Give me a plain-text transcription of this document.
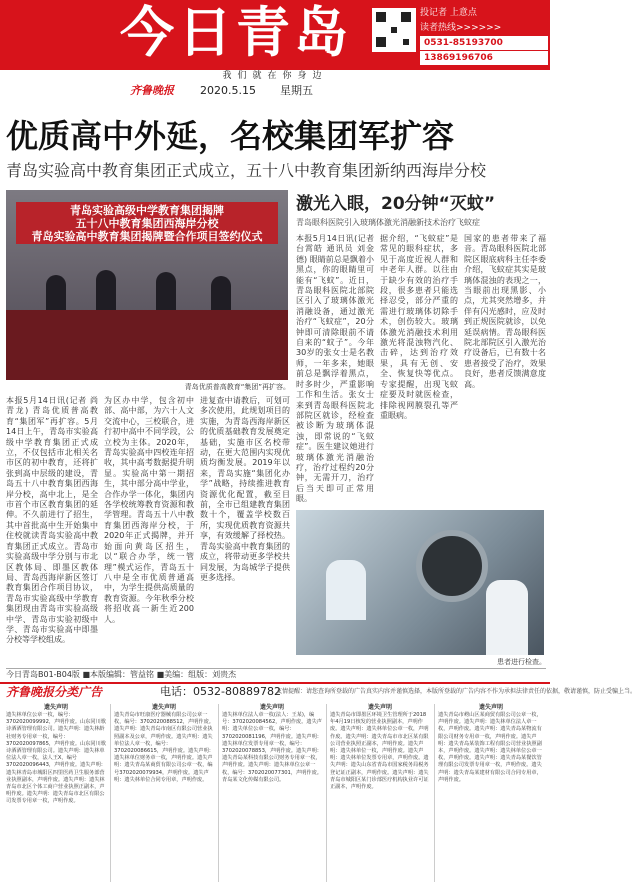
今日青岛	投记者 上意点
读者热线>>>>>>
0531-85193700
13869196706
我们就在你身边
齐鲁晚报 2020.5.15 星期五
优质高中外延，名校集团军扩容
青岛实验高中教育集团正式成立，五十八中教育集团新纳西海岸分校
青岛实验高级中学教育集团揭牌
五十八中教育集团西海岸分校
青岛实验高中教育集团揭牌暨合作项目签约仪式
青岛优质普高教育“集团”再扩容。
本报5月14日讯(记者 尚青龙) 青岛优质普高教育“集团军”再扩容。5月14日上午，青岛市实验高级中学教育集团正式成立，不仅包括市北相关名市区的初中教育，还将扩张到高中层级的建设，青岛五十八中教育集团西海岸分校，高中北上，是全市首个市区教育集团的延伸。不久前进行了招生，其中首批高中生开始集中住校就读青岛实验高中教育集团正式成立。青岛市实验高级中学分别与市北区教体局、即墨区教体局、青岛西海岸新区签订教育集团合作项目协议，青岛市实验高级中学教育集团现由青岛市实验高级中学、青岛市实验初级中学、青岛市实验高中即墨分校等学校组成。
为区办中学，包含初中部、高中部，为六十人文交流中心，三校联合，进行初中高中不同学段，公立校为主体。2020年，青岛实验高中四校连年招收，其中高考数据提升明显。实验高中第一期招生，其中部分高中学业，合作办学一体化，集团内各学校统筹教育资源和教学管理。青岛五十八中教育集团西海岸分校，于2020年正式揭牌，并开始面向黄岛区招生，以“联合办学，统一管理”模式运作，青岛五十八中是全市优质普通高中，为学生提供高质量的教育资源。今年秋季分校将招收高一新生近200人。
进复查中请教后，可划可多次使用，此规划项目的实施，为青岛西海岸新区的优质基础教育发展奠定基础，实施市区名校带动，在更大范围内实现优质均衡发展。2019年以来，青岛实施“集团化办学”战略，持续推进教育资源优化配置，截至目前，全市已组建教育集团数十个，覆盖学校数百所，实现优质教育资源共享，有效缓解了择校热。青岛实验高中教育集团的成立，将带动更多学校共同发展，为岛城学子提供更多选择。
激光入眼，20分钟“灭蚊”
青岛眼科医院引入玻璃体激光消融新技术治疗飞蚊症
本报5月14日讯(记者 台霄皓 通讯员 刘金德) 眼睛前总是飘着小黑点，你的眼睛里可能有“飞蚊”。近日，青岛眼科医院北部院区引入了玻璃体激光消融设备，通过激光治疗“飞蚊症”，20分钟即可清除眼前不请自来的“蚊子”。今年30岁的张女士是名教师，一年多来，她眼前总是飘浮着黑点，时多时少，严重影响工作和生活。张女士来到青岛眼科医院北部院区就诊，经检查被诊断为玻璃体混浊，即常说的“飞蚊症”。医生建议她进行玻璃体激光消融治疗，治疗过程约20分钟，无需开刀，治疗后当天即可正常用眼。
据介绍，“飞蚊症”是常见的眼科症状，多见于高度近视人群和中老年人群。以往由于缺少有效的治疗手段，很多患者只能选择忍受，部分严重的需进行玻璃体切除手术，创伤较大。玻璃体激光消融技术利用激光将混浊物汽化、击碎，达到治疗效果，具有无创、安全、恢复快等优点。专家提醒，出现飞蚊症要及时就医检查，排除视网膜裂孔等严重眼病。
国家的患者带来了福音。青岛眼科医院北部院区眼底病科主任李委介绍，飞蚊症其实是玻璃体混浊的表现之一，当眼前出现黑影、小点，尤其突然增多，并伴有闪光感时，应及时到正规医院就诊，以免延误病情。青岛眼科医院北部院区引入激光治疗设备后，已有数十名患者接受了治疗，效果良好，患者反馈满意度高。
患者进行检查。
今日青岛B01-B04版 ■本版编辑：管益铭 ■美编：组版：刘贵杰
齐鲁晚报分类广告	电话：0532-80889782
友情提醒：请您查询所登载的广告真实内容并谨慎选择，本版所登载的广告内容不作为承担法律责任的依据，敬请谨慎，防止受骗上当。
遗失声明
遗失林单位公章一枚，编号：3702020099992，声明作废。山东同川歌诗酒酒管理有限公司。遗失声明：遗失林龄社财务专用章一枚，编号：3702020097865，声明作废。山东同川歌诗酒酒管理有限公司。遗失声明：遗失林单位法人章一枚，法人王X，编号3702020096443，声明作废。遗失声明：遗失林青岛市城阳区四里医药卫生服务部营业执照副本，声明作废。遗失声明：遗失林青岛市北区个体工商户营业执照正副本，声明作废。遗失声明：遗失青岛市北区有限公司发票专用章一枚，声明作废。
遗失声明
遗失青岛市旺康医疗器械有限公司公章一枚，编号：3702020088512，声明作废。遗失声明：遗失青岛市南区有限公司营业执照副本及公章，声明作废。遗失声明：遗失单位法人章一枚，编号：3702020086615，声明作废。遗失声明：遗失林单位财务章一枚，声明作废。遗失声明：遗失青岛某商贸有限公司公章一枚，编号3702020079934，声明作废。遗失声明：遗失林单位合同专用章，声明作废。
遗失声明
遗失林单位法人章一枚(法人：王某)，编号：3702020084562，声明作废。遗失声明：遗失单位公章一枚，编号：3702020081196，声明作废。遗失声明：遗失林单位发票专用章一枚，编号：3702020078853，声明作废。遗失声明：遗失青岛某科技有限公司财务专用章一枚，声明作废。遗失声明：遗失林单位公章一枚，编号：3702020077301，声明作废。青岛某文化传媒有限公司。
遗失声明
遗失青岛市即墨区环境卫生管理所于2018年4月19日核发的营业执照副本，声明作废。遗失声明：遗失林单位公章一枚，声明作废。遗失声明：遗失青岛市市北区某有限公司营业执照正副本，声明作废。遗失声明：遗失林单位一枚，声明作废。遗失声明：遗失林单位发票专用章，声明作废。遗失声明：遗失山东省青岛市国家税务局税务登记证正副本，声明作废。遗失声明：遗失青岛市城阳区某门诊部医疗机构执业许可证正副本，声明作废。
遗失声明
遗失青岛市崂山区某商贸有限公司公章一枚，声明作废。遗失声明：遗失林单位法人章一枚，声明作废。遗失声明：遗失青岛某物流有限公司财务专用章一枚，声明作废。遗失声明：遗失青岛某装饰工程有限公司营业执照副本，声明作废。遗失声明：遗失林单位公章一枚，声明作废。遗失声明：遗失青岛某餐饮管理有限公司发票专用章一枚，声明作废。遗失声明：遗失青岛某建材有限公司合同专用章，声明作废。
